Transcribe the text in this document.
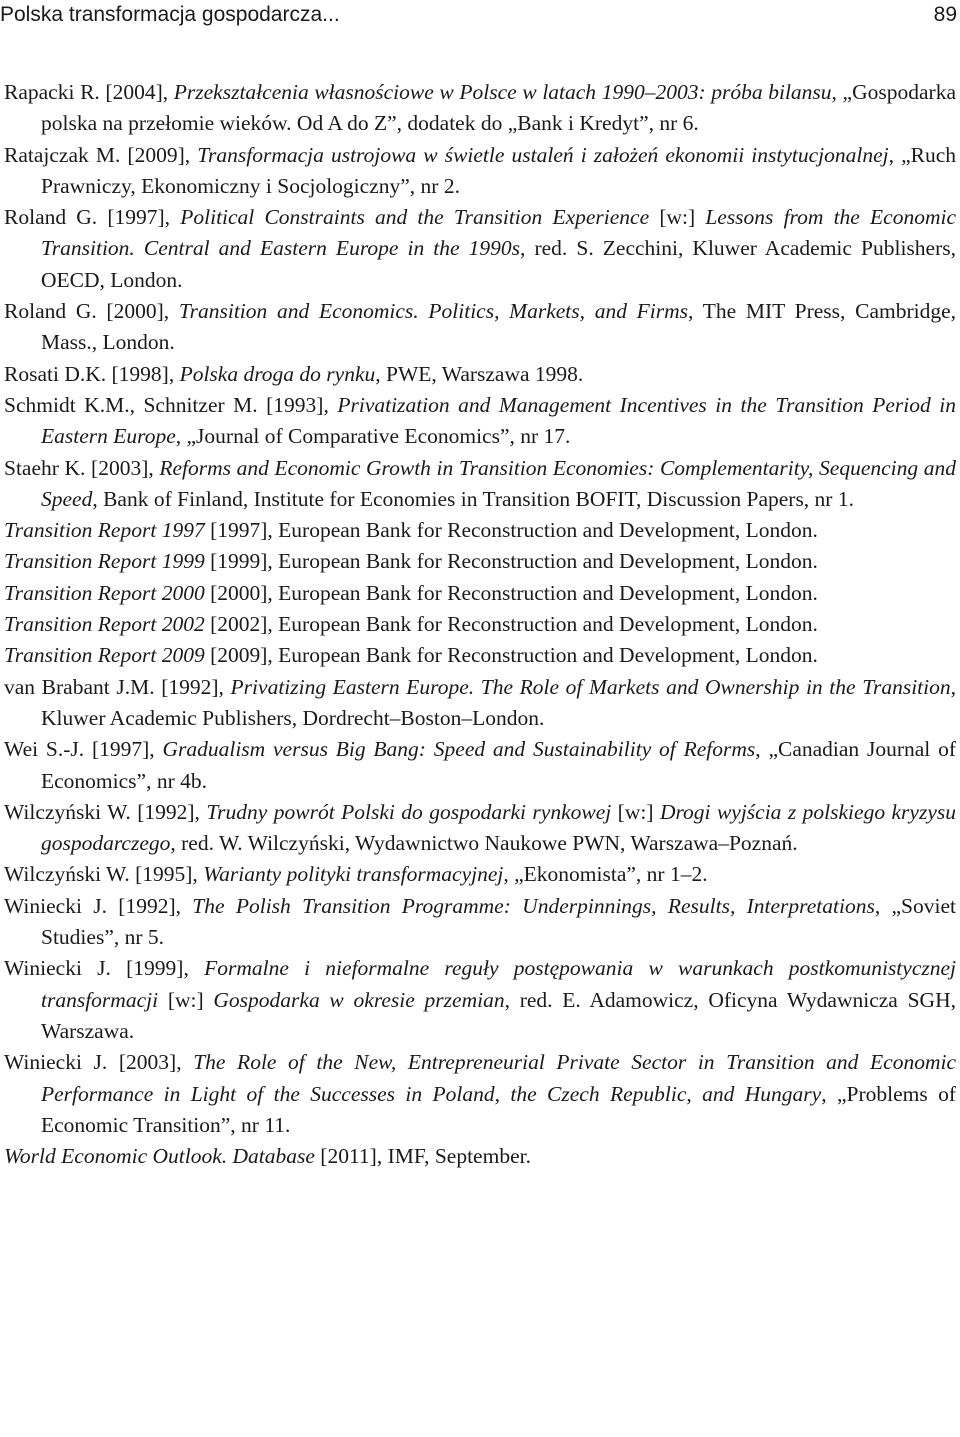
Polska transformacja gospodarcza...	89

Rapacki R. [2004], Przekształcenia własnościowe w Polsce w latach 1990–2003: próba bilansu, „Gospodarka polska na przełomie wieków. Od A do Z”, dodatek do „Bank i Kredyt”, nr 6.

Ratajczak M. [2009], Transformacja ustrojowa w świetle ustaleń i założeń ekonomii instytucjonalnej, „Ruch Prawniczy, Ekonomiczny i Socjologiczny”, nr 2.

Roland G. [1997], Political Constraints and the Transition Experience [w:] Lessons from the Economic Transition. Central and Eastern Europe in the 1990s, red. S. Zecchini, Kluwer Academic Publishers, OECD, London.

Roland G. [2000], Transition and Economics. Politics, Markets, and Firms, The MIT Press, Cambridge, Mass., London.

Rosati D.K. [1998], Polska droga do rynku, PWE, Warszawa 1998.

Schmidt K.M., Schnitzer M. [1993], Privatization and Management Incentives in the Transition Period in Eastern Europe, „Journal of Comparative Economics”, nr 17.

Staehr K. [2003], Reforms and Economic Growth in Transition Economies: Complementarity, Sequencing and Speed, Bank of Finland, Institute for Economies in Transition BOFIT, Discussion Papers, nr 1.

Transition Report 1997 [1997], European Bank for Reconstruction and Development, London.

Transition Report 1999 [1999], European Bank for Reconstruction and Development, London.

Transition Report 2000 [2000], European Bank for Reconstruction and Development, London.

Transition Report 2002 [2002], European Bank for Reconstruction and Development, London.

Transition Report 2009 [2009], European Bank for Reconstruction and Development, London.

van Brabant J.M. [1992], Privatizing Eastern Europe. The Role of Markets and Ownership in the Transition, Kluwer Academic Publishers, Dordrecht–Boston–London.

Wei S.-J. [1997], Gradualism versus Big Bang: Speed and Sustainability of Reforms, „Canadian Journal of Economics”, nr 4b.

Wilczyński W. [1992], Trudny powrót Polski do gospodarki rynkowej [w:] Drogi wyjścia z polskiego kryzysu gospodarczego, red. W. Wilczyński, Wydawnictwo Naukowe PWN, Warszawa–Poznań.

Wilczyński W. [1995], Warianty polityki transformacyjnej, „Ekonomista”, nr 1–2.

Winiecki J. [1992], The Polish Transition Programme: Underpinnings, Results, Interpretations, „Soviet Studies”, nr 5.

Winiecki J. [1999], Formalne i nieformalne reguły postępowania w warunkach postkomunistycznej transformacji [w:] Gospodarka w okresie przemian, red. E. Adamowicz, Oficyna Wydawnicza SGH, Warszawa.

Winiecki J. [2003], The Role of the New, Entrepreneurial Private Sector in Transition and Economic Performance in Light of the Successes in Poland, the Czech Republic, and Hungary, „Problems of Economic Transition”, nr 11.

World Economic Outlook. Database [2011], IMF, September.
